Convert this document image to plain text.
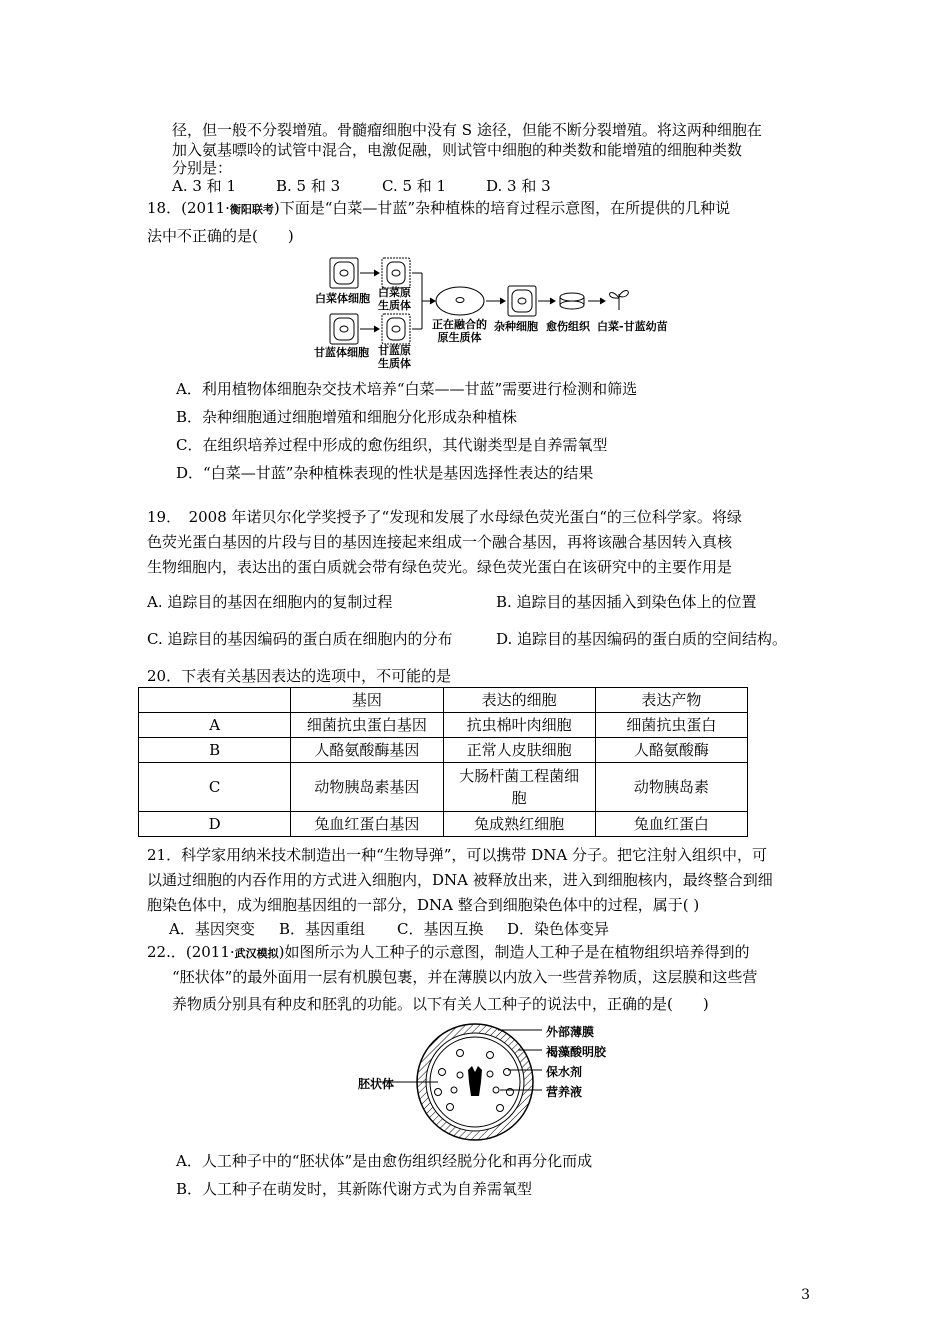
径，但一般不分裂增殖。骨髓瘤细胞中没有 S 途径，但能不断分裂增殖。将这两种细胞在
加入氨基嘌呤的试管中混合，电激促融，则试管中细胞的种类数和能增殖的细胞种类数
分别是：
A. 3 和 1	B. 5 和 3	C. 5 和 1	D. 3 和 3
18．(2011·衡阳联考)下面是“白菜—甘蓝”杂种植株的培育过程示意图，在所提供的几种说
法中不正确的是(　　)
白菜体细胞 白菜原
生质体
甘蓝体细胞 甘蓝原
生质体
正在融合的
原生质体
杂种细胞 愈伤组织 白菜-甘蓝幼苗
A．利用植物体细胞杂交技术培养“白菜——甘蓝”需要进行检测和筛选
B．杂种细胞通过细胞增殖和细胞分化形成杂种植株
C．在组织培养过程中形成的愈伤组织，其代谢类型是自养需氧型
D．“白菜—甘蓝”杂种植株表现的性状是基因选择性表达的结果
19．　2008 年诺贝尔化学奖授予了“发现和发展了水母绿色荧光蛋白“的三位科学家。将绿
色荧光蛋白基因的片段与目的基因连接起来组成一个融合基因，再将该融合基因转入真核
生物细胞内，表达出的蛋白质就会带有绿色荧光。绿色荧光蛋白在该研究中的主要作用是
A. 追踪目的基因在细胞内的复制过程	B. 追踪目的基因插入到染色体上的位置
C. 追踪目的基因编码的蛋白质在细胞内的分布	D. 追踪目的基因编码的蛋白质的空间结构。
20．下表有关基因表达的选项中，不可能的是
	基因	表达的细胞	表达产物
A	细菌抗虫蛋白基因	抗虫棉叶肉细胞	细菌抗虫蛋白
B	人酪氨酸酶基因	正常人皮肤细胞	人酪氨酸酶
C	动物胰岛素基因	大肠杆菌工程菌细
胞	动物胰岛素
D	兔血红蛋白基因	兔成熟红细胞	兔血红蛋白
21．科学家用纳米技术制造出一种“生物导弹”，可以携带 DNA 分子。把它注射入组织中，可
以通过细胞的内吞作用的方式进入细胞内，DNA 被释放出来，进入到细胞核内，最终整合到细
胞染色体中，成为细胞基因组的一部分，DNA 整合到细胞染色体中的过程，属于( )
A．基因突变 B．基因重组 C．基因互换 D．染色体变异
22.．(2011·武汉模拟)如图所示为人工种子的示意图，制造人工种子是在植物组织培养得到的
“胚状体”的最外面用一层有机膜包裹，并在薄膜以内放入一些营养物质，这层膜和这些营
养物质分别具有种皮和胚乳的功能。以下有关人工种子的说法中，正确的是(　　)
胚状体
外部薄膜
褐藻酸明胶
保水剂
营养液
A．人工种子中的“胚状体”是由愈伤组织经脱分化和再分化而成
B．人工种子在萌发时，其新陈代谢方式为自养需氧型
3
